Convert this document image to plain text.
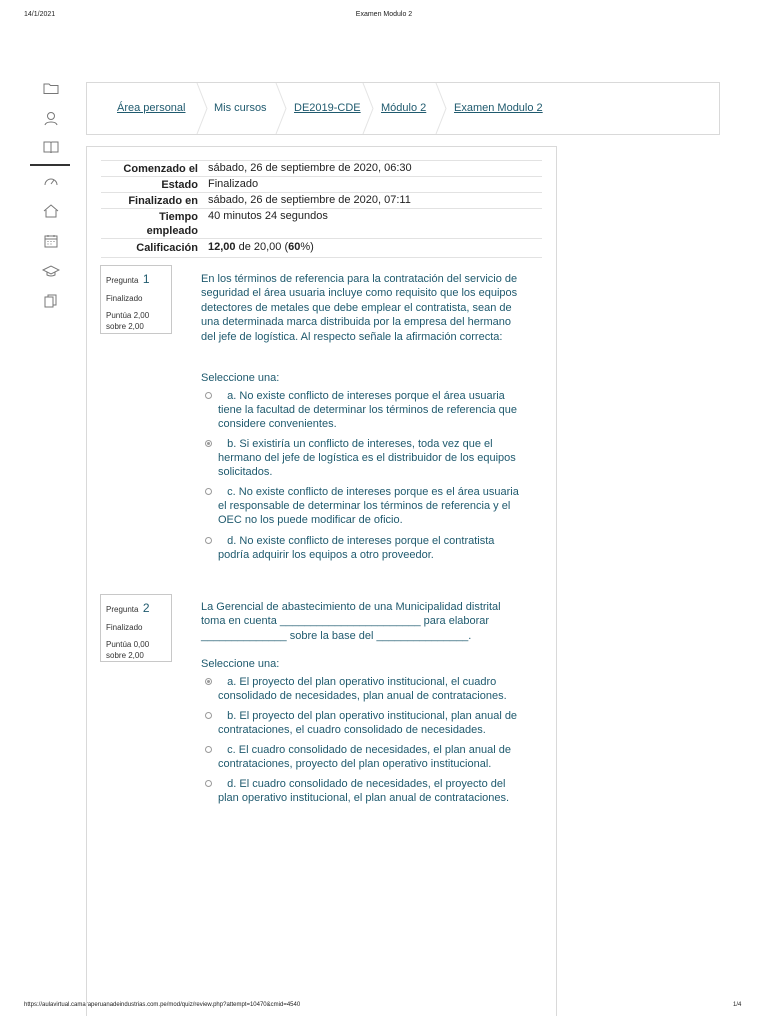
14/1/2021	Examen Modulo 2
https://aulavirtual.camaraperuanadeindustrias.com.pe/mod/quiz/review.php?attempt=10470&cmid=4540	1/4
Área personal	Mis cursos DE2019-CDE Módulo 2	Examen Modulo 2
Comenzado el sábado, 26 de septiembre de 2020, 06:30
Estado Finalizado
Finalizado en sábado, 26 de septiembre de 2020, 07:11
Tiempo
empleado
40 minutos 24 segundos
Calificación 12,00 de 20,00 (60%)
Pregunta 1
Finalizado
Puntúa 2,00
sobre 2,00
En los términos de referencia para la contratación del servicio de seguridad el área usuaria incluye como requisito que los equipos detectores de metales que debe emplear el contratista, sean de una determinada marca distribuida por la empresa del hermano del jefe de logística. Al respecto señale la afirmación correcta:
Seleccione una:
a. No existe conflicto de intereses porque el área usuaria tiene la facultad de determinar los términos de referencia que considere convenientes.
b. Si existiría un conflicto de intereses, toda vez que el hermano del jefe de logística es el distribuidor de los equipos solicitados.
c. No existe conflicto de intereses porque es el área usuaria el responsable de determinar los términos de referencia y el OEC no los puede modificar de oficio.
d. No existe conflicto de intereses porque el contratista podría adquirir los equipos a otro proveedor.
Pregunta 2
Finalizado
Puntúa 0,00
sobre 2,00
La Gerencial de abastecimiento de una Municipalidad distrital toma en cuenta _______________________ para elaborar ______________ sobre la base del _______________.
Seleccione una:
a. El proyecto del plan operativo institucional, el cuadro consolidado de necesidades, plan anual de contrataciones.
b. El proyecto del plan operativo institucional, plan anual de contrataciones, el cuadro consolidado de necesidades.
c. El cuadro consolidado de necesidades, el plan anual de contrataciones, proyecto del plan operativo institucional.
d. El cuadro consolidado de necesidades, el proyecto del plan operativo institucional, el plan anual de contrataciones.
